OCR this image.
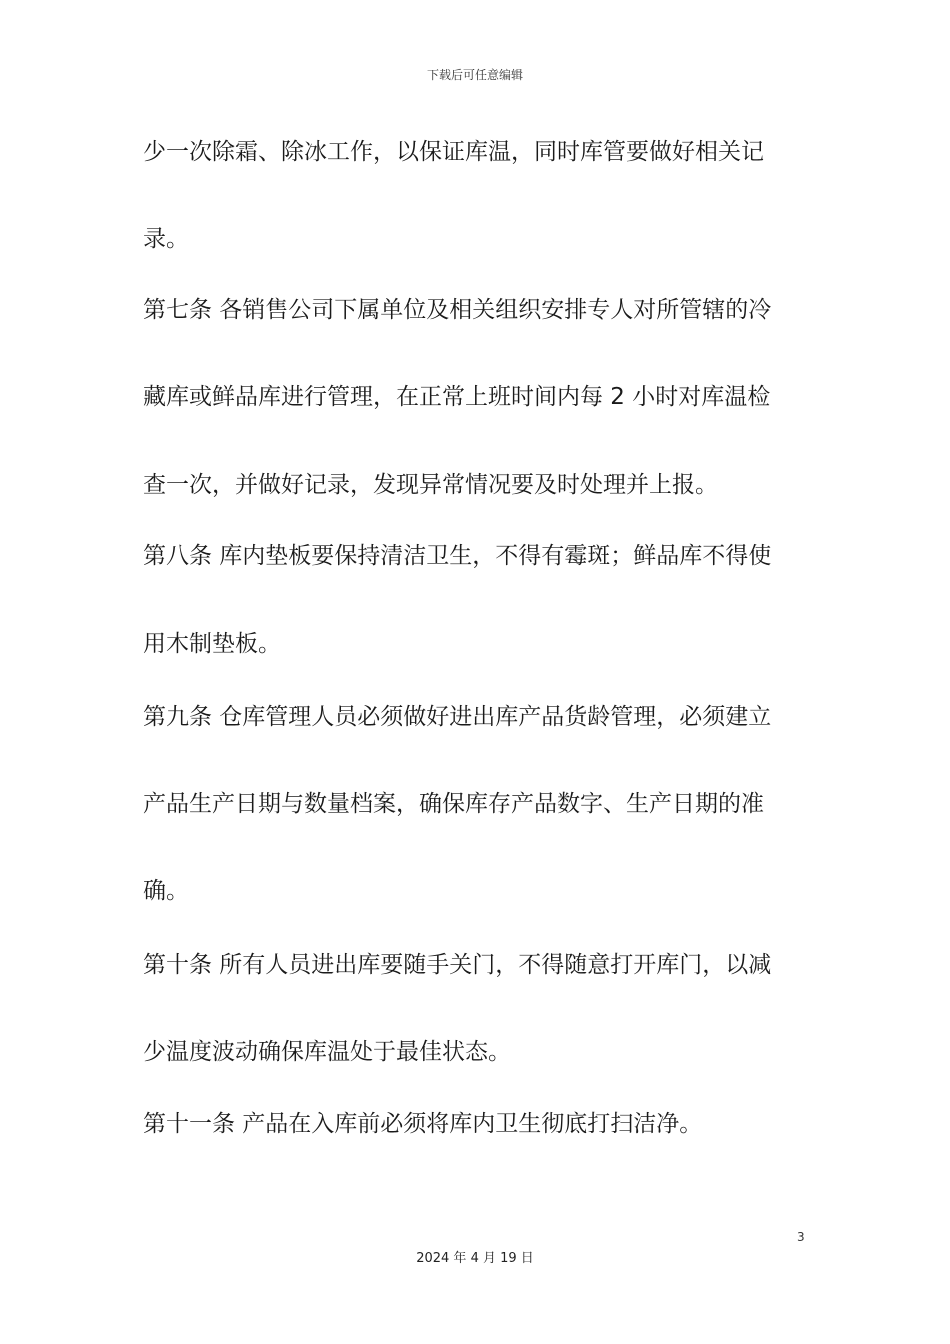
下载后可任意编辑
少一次除霜、除冰工作，以保证库温，同时库管要做好相关记
录。
第七条 各销售公司下属单位及相关组织安排专人对所管辖的冷
藏库或鲜品库进行管理，在正常上班时间内每 2 小时对库温检
查一次，并做好记录，发现异常情况要及时处理并上报。
第八条 库内垫板要保持清洁卫生，不得有霉斑；鲜品库不得使
用木制垫板。
第九条 仓库管理人员必须做好进出库产品货龄管理，必须建立
产品生产日期与数量档案，确保库存产品数字、生产日期的准
确。
第十条 所有人员进出库要随手关门，不得随意打开库门，以减
少温度波动确保库温处于最佳状态。
第十一条 产品在入库前必须将库内卫生彻底打扫洁净。
3
2024 年 4 月 19 日
